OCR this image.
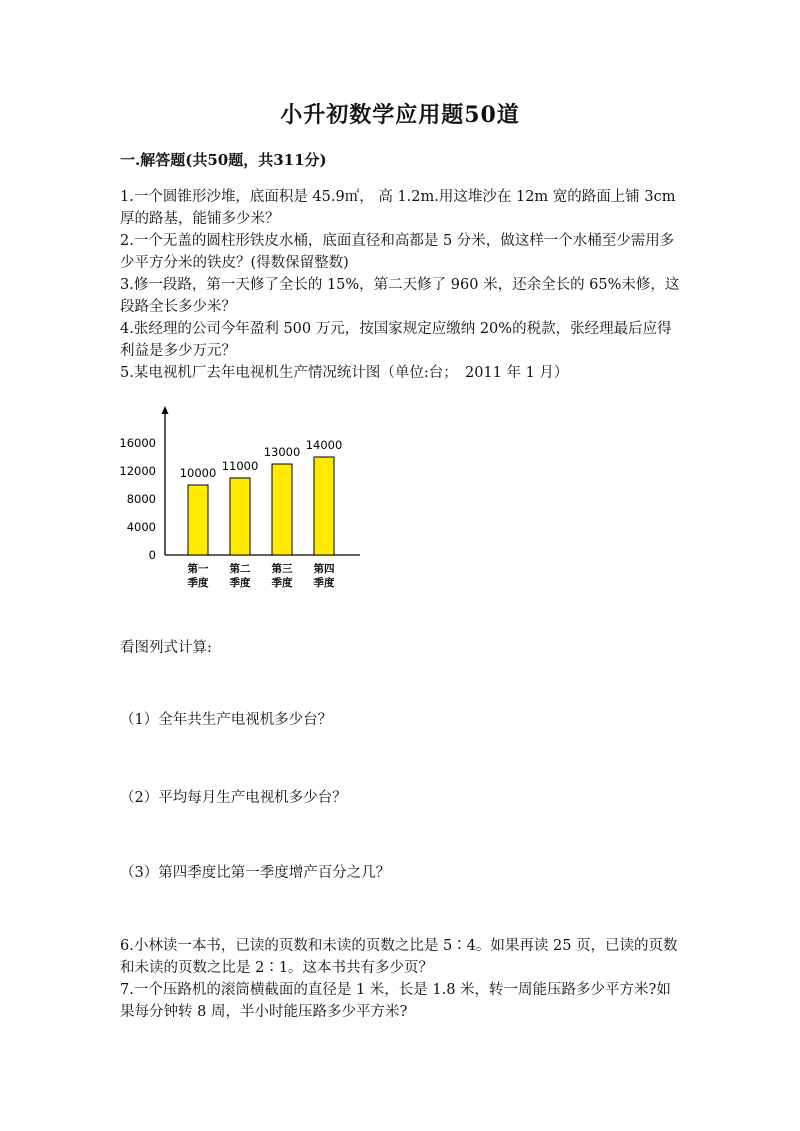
小升初数学应用题50道
一.解答题(共50题，共311分)

1.一个圆锥形沙堆，底面积是 45.9㎡， 高 1.2m.用这堆沙在 12m 宽的路面上铺 3cm 厚的路基，能铺多少米？

2.一个无盖的圆柱形铁皮水桶，底面直径和高都是 5 分米，做这样一个水桶至少需用多少平方分米的铁皮？(得数保留整数)

3.修一段路，第一天修了全长的 15%，第二天修了 960 米，还余全长的 65%未修，这段路全长多少米？

4.张经理的公司今年盈利 500 万元，按国家规定应缴纳 20%的税款，张经理最后应得利益是多少万元？

5.某电视机厂去年电视机生产情况统计图（单位:台；　2011 年 1 月）

16000
12000
8000
4000
0
10000
第一
季度
11000
第二
季度
13000
第三
季度
14000
第四
季度
看图列式计算:
（1）全年共生产电视机多少台？
（2）平均每月生产电视机多少台？
（3）第四季度比第一季度增产百分之几？

6.小林读一本书，已读的页数和未读的页数之比是 5∶4。如果再读 25 页，已读的页数和未读的页数之比是 2∶1。这本书共有多少页？

7.一个压路机的滚筒横截面的直径是 1 米，长是 1.8 米，转一周能压路多少平方米?如果每分钟转 8 周，半小时能压路多少平方米?
